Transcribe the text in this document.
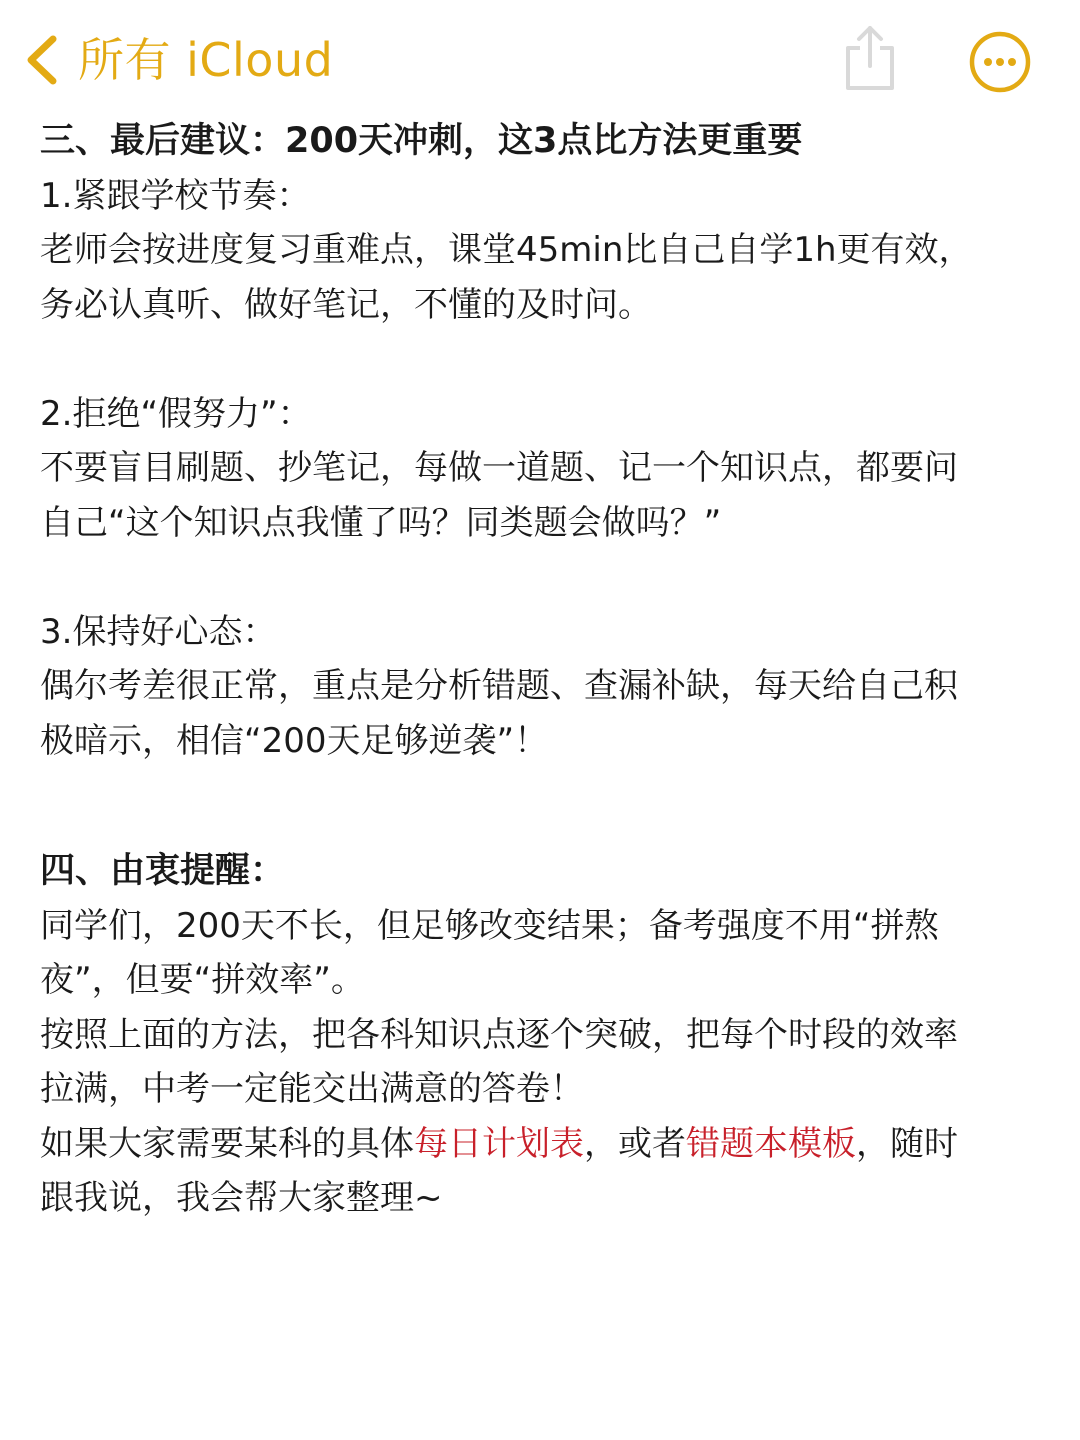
所有 iCloud
三、最后建议：200天冲刺，这3点比方法更重要
1.紧跟学校节奏：
老师会按进度复习重难点，课堂45min比自己自学1h更有效，
务必认真听、做好笔记，不懂的及时问。
2.拒绝“假努力”：
不要盲目刷题、抄笔记，每做一道题、记一个知识点，都要问
自己“这个知识点我懂了吗？同类题会做吗？”
3.保持好心态：
偶尔考差很正常，重点是分析错题、查漏补缺，每天给自己积
极暗示，相信“200天足够逆袭”！
四、由衷提醒：
同学们，200天不长，但足够改变结果；备考强度不用“拼熬
夜”，但要“拼效率”。
按照上面的方法，把各科知识点逐个突破，把每个时段的效率
拉满，中考一定能交出满意的答卷！
如果大家需要某科的具体每日计划表，或者错题本模板，随时
跟我说，我会帮大家整理~
